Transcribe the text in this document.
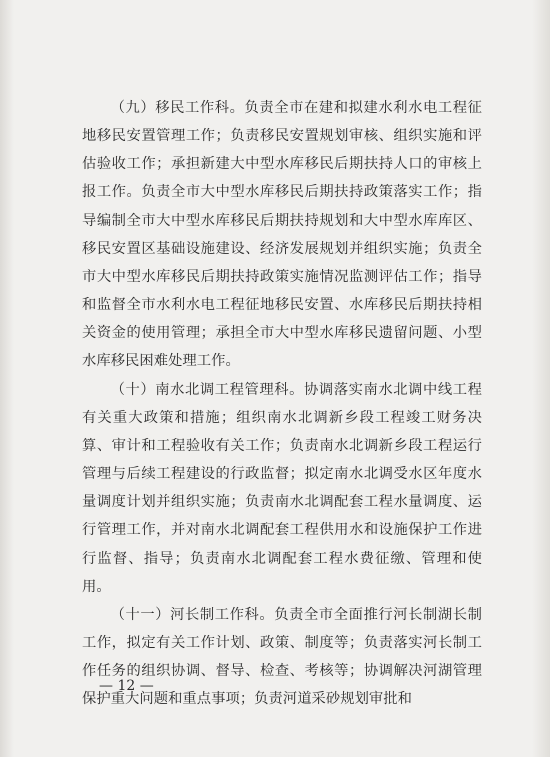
（九）移民工作科。负责全市在建和拟建水利水电工程征地移民安置管理工作；负责移民安置规划审核、组织实施和评估验收工作；承担新建大中型水库移民后期扶持人口的审核上报工作。负责全市大中型水库移民后期扶持政策落实工作；指导编制全市大中型水库移民后期扶持规划和大中型水库库区、移民安置区基础设施建设、经济发展规划并组织实施；负责全市大中型水库移民后期扶持政策实施情况监测评估工作；指导和监督全市水利水电工程征地移民安置、水库移民后期扶持相关资金的使用管理；承担全市大中型水库移民遗留问题、小型水库移民困难处理工作。

（十）南水北调工程管理科。协调落实南水北调中线工程有关重大政策和措施；组织南水北调新乡段工程竣工财务决算、审计和工程验收有关工作；负责南水北调新乡段工程运行管理与后续工程建设的行政监督；拟定南水北调受水区年度水量调度计划并组织实施；负责南水北调配套工程水量调度、运行管理工作，并对南水北调配套工程供用水和设施保护工作进行监督、指导；负责南水北调配套工程水费征缴、管理和使用。

（十一）河长制工作科。负责全市全面推行河长制湖长制工作，拟定有关工作计划、政策、制度等；负责落实河长制工作任务的组织协调、督导、检查、考核等；协调解决河湖管理保护重大问题和重点事项；负责河道采砂规划审批和

— 12 —
